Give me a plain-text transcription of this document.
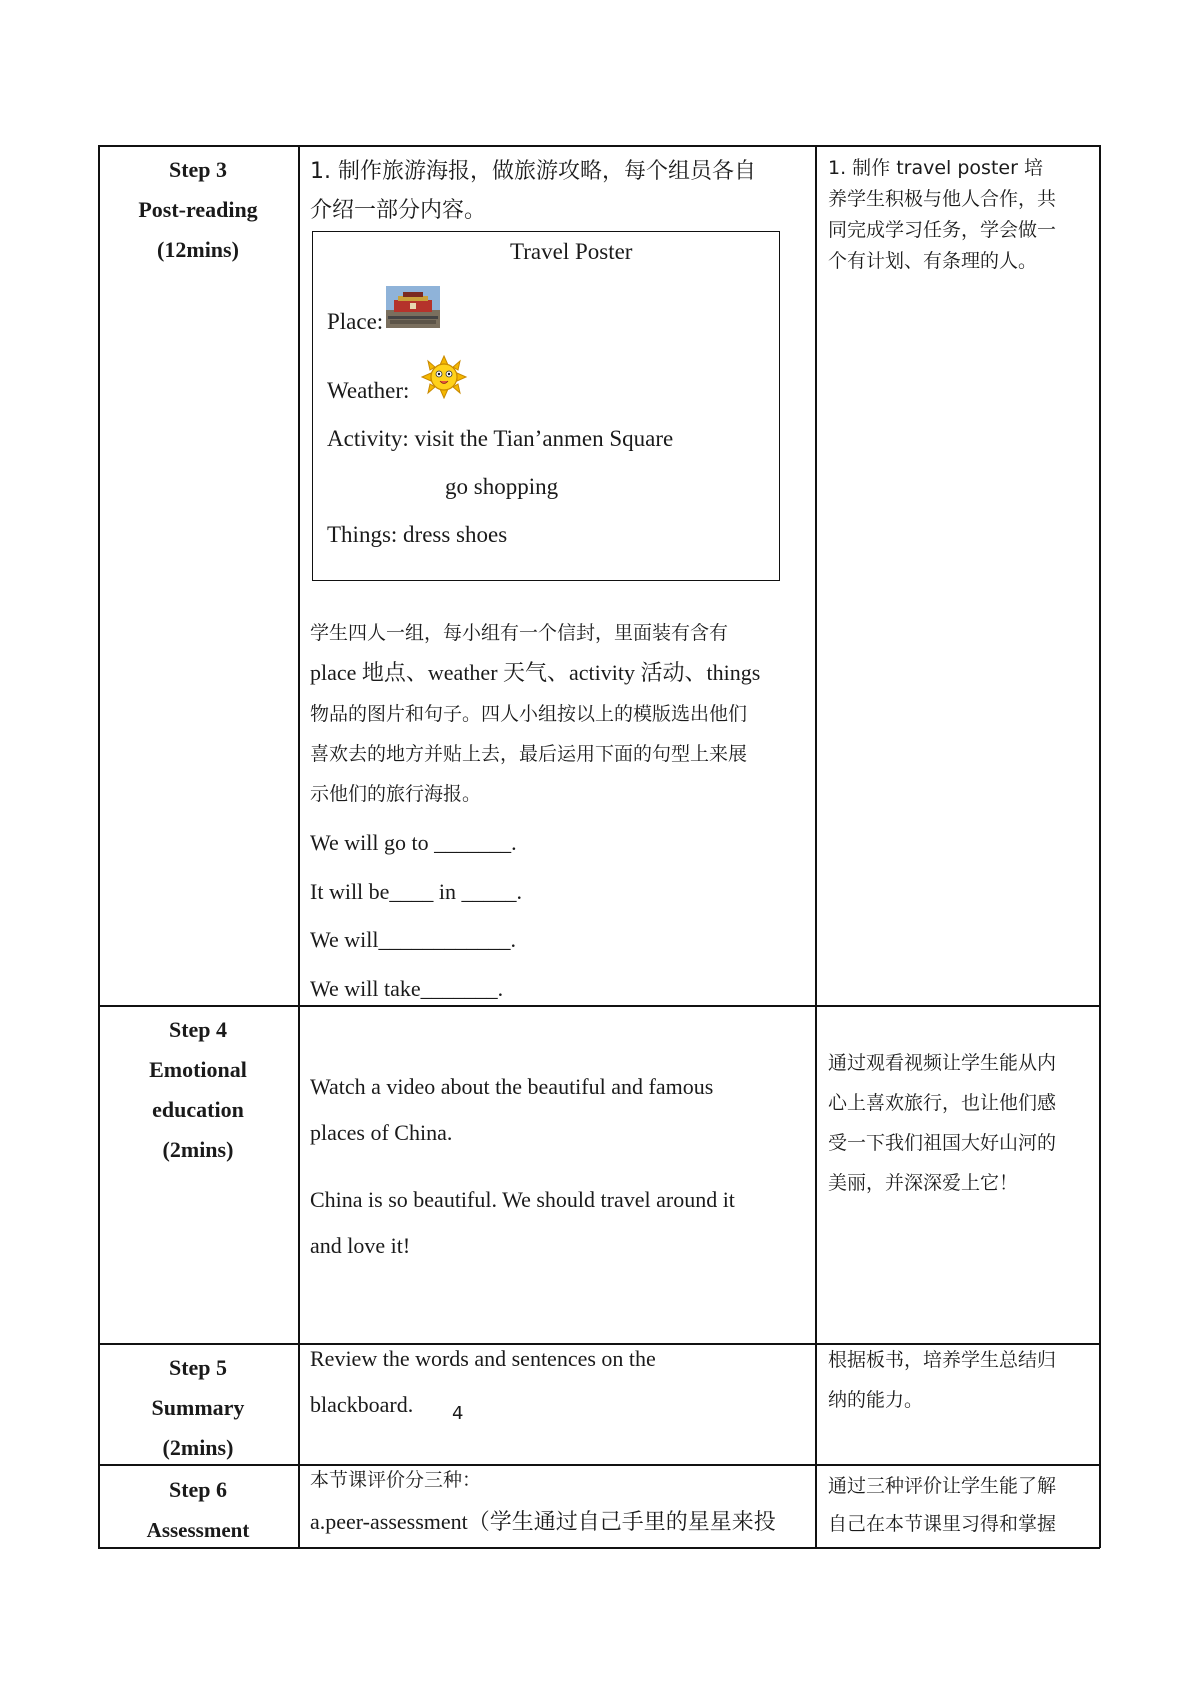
Step 3
Post-reading
(12mins)
1. 制作旅游海报，做旅游攻略，每个组员各自
介绍一部分内容。
Travel Poster
Place:
Weather:
Activity: visit the Tian’anmen Square
go shopping
Things: dress shoes
学生四人一组，每小组有一个信封，里面装有含有
place 地点、weather 天气、activity 活动、things
物品的图片和句子。四人小组按以上的模版选出他们
喜欢去的地方并贴上去，最后运用下面的句型上来展
示他们的旅行海报。
We will go to _______.
It will be____ in _____.
We will____________.
We will take_______.
1. 制作 travel poster 培
养学生积极与他人合作，共
同完成学习任务，学会做一
个有计划、有条理的人。
Step 4
Emotional
education
(2mins)
Watch a video about the beautiful and famous
places of China.
China is so beautiful. We should travel around it
and love it!
通过观看视频让学生能从内
心上喜欢旅行，也让他们感
受一下我们祖国大好山河的
美丽，并深深爱上它！
Step 5
Summary
(2mins)
Review the words and sentences on the
blackboard. 4
根据板书，培养学生总结归
纳的能力。
Step 6
Assessment
本节课评价分三种：
a.peer-assessment（学生通过自己手里的星星来投
通过三种评价让学生能了解
自己在本节课里习得和掌握
